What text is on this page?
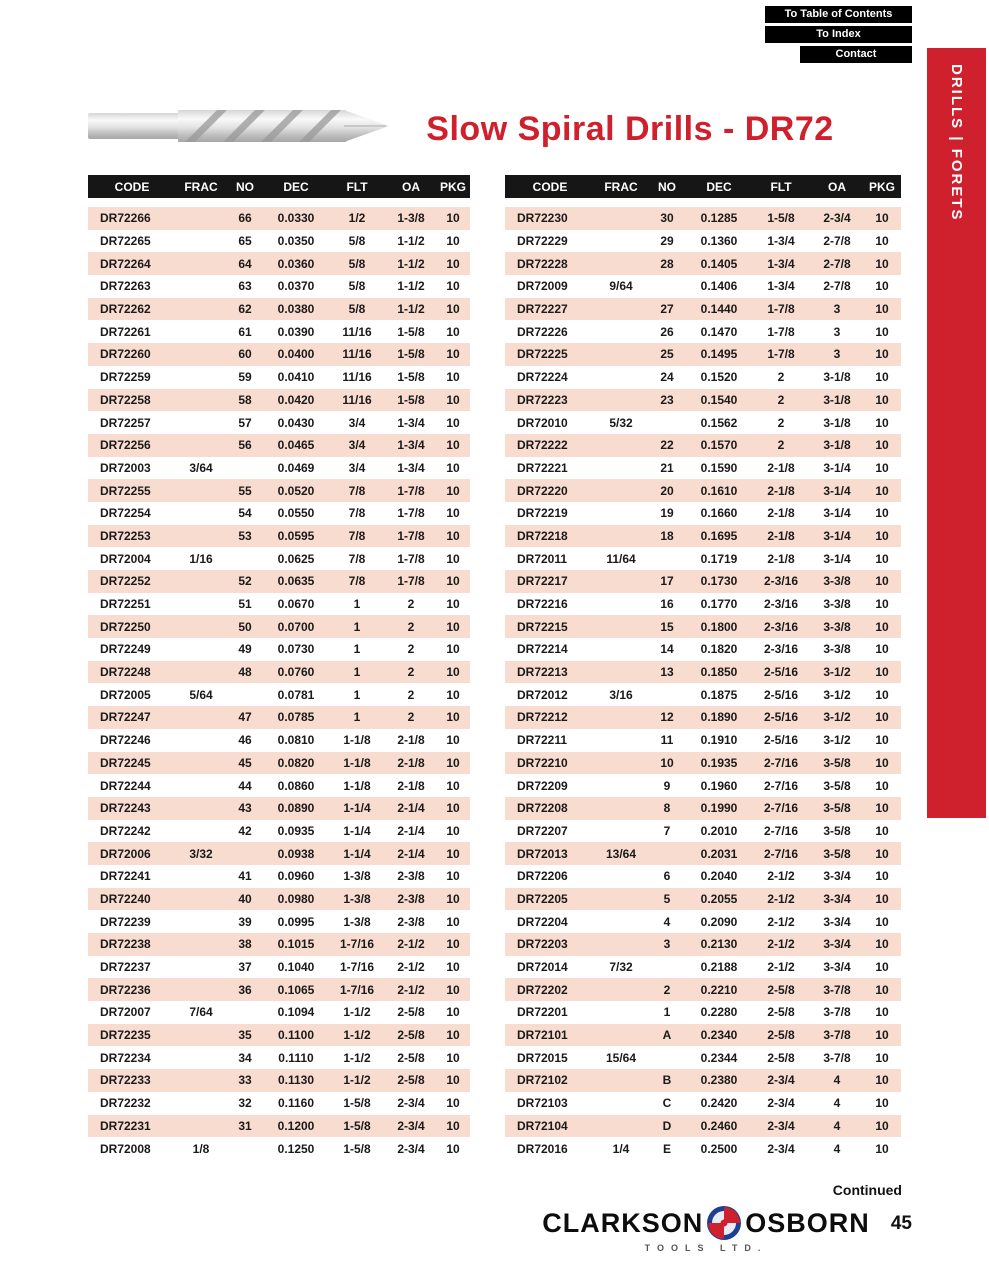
To Table of Contents
To Index
Contact
DRILLS | FORETS
Slow Spiral Drills - DR72
CODE	FRAC	NO	DEC	FLT	OA	PKG

DR72266		66	0.0330	1/2	1-3/8	10
DR72265		65	0.0350	5/8	1-1/2	10
DR72264		64	0.0360	5/8	1-1/2	10
DR72263		63	0.0370	5/8	1-1/2	10
DR72262		62	0.0380	5/8	1-1/2	10
DR72261		61	0.0390	11/16	1-5/8	10
DR72260		60	0.0400	11/16	1-5/8	10
DR72259		59	0.0410	11/16	1-5/8	10
DR72258		58	0.0420	11/16	1-5/8	10
DR72257		57	0.0430	3/4	1-3/4	10
DR72256		56	0.0465	3/4	1-3/4	10
DR72003	3/64		0.0469	3/4	1-3/4	10
DR72255		55	0.0520	7/8	1-7/8	10
DR72254		54	0.0550	7/8	1-7/8	10
DR72253		53	0.0595	7/8	1-7/8	10
DR72004	1/16		0.0625	7/8	1-7/8	10
DR72252		52	0.0635	7/8	1-7/8	10
DR72251		51	0.0670	1	2	10
DR72250		50	0.0700	1	2	10
DR72249		49	0.0730	1	2	10
DR72248		48	0.0760	1	2	10
DR72005	5/64		0.0781	1	2	10
DR72247		47	0.0785	1	2	10
DR72246		46	0.0810	1-1/8	2-1/8	10
DR72245		45	0.0820	1-1/8	2-1/8	10
DR72244		44	0.0860	1-1/8	2-1/8	10
DR72243		43	0.0890	1-1/4	2-1/4	10
DR72242		42	0.0935	1-1/4	2-1/4	10
DR72006	3/32		0.0938	1-1/4	2-1/4	10
DR72241		41	0.0960	1-3/8	2-3/8	10
DR72240		40	0.0980	1-3/8	2-3/8	10
DR72239		39	0.0995	1-3/8	2-3/8	10
DR72238		38	0.1015	1-7/16	2-1/2	10
DR72237		37	0.1040	1-7/16	2-1/2	10
DR72236		36	0.1065	1-7/16	2-1/2	10
DR72007	7/64		0.1094	1-1/2	2-5/8	10
DR72235		35	0.1100	1-1/2	2-5/8	10
DR72234		34	0.1110	1-1/2	2-5/8	10
DR72233		33	0.1130	1-1/2	2-5/8	10
DR72232		32	0.1160	1-5/8	2-3/4	10
DR72231		31	0.1200	1-5/8	2-3/4	10
DR72008	1/8		0.1250	1-5/8	2-3/4	10
CODE	FRAC	NO	DEC	FLT	OA	PKG

DR72230		30	0.1285	1-5/8	2-3/4	10
DR72229		29	0.1360	1-3/4	2-7/8	10
DR72228		28	0.1405	1-3/4	2-7/8	10
DR72009	9/64		0.1406	1-3/4	2-7/8	10
DR72227		27	0.1440	1-7/8	3	10
DR72226		26	0.1470	1-7/8	3	10
DR72225		25	0.1495	1-7/8	3	10
DR72224		24	0.1520	2	3-1/8	10
DR72223		23	0.1540	2	3-1/8	10
DR72010	5/32		0.1562	2	3-1/8	10
DR72222		22	0.1570	2	3-1/8	10
DR72221		21	0.1590	2-1/8	3-1/4	10
DR72220		20	0.1610	2-1/8	3-1/4	10
DR72219		19	0.1660	2-1/8	3-1/4	10
DR72218		18	0.1695	2-1/8	3-1/4	10
DR72011	11/64		0.1719	2-1/8	3-1/4	10
DR72217		17	0.1730	2-3/16	3-3/8	10
DR72216		16	0.1770	2-3/16	3-3/8	10
DR72215		15	0.1800	2-3/16	3-3/8	10
DR72214		14	0.1820	2-3/16	3-3/8	10
DR72213		13	0.1850	2-5/16	3-1/2	10
DR72012	3/16		0.1875	2-5/16	3-1/2	10
DR72212		12	0.1890	2-5/16	3-1/2	10
DR72211		11	0.1910	2-5/16	3-1/2	10
DR72210		10	0.1935	2-7/16	3-5/8	10
DR72209		9	0.1960	2-7/16	3-5/8	10
DR72208		8	0.1990	2-7/16	3-5/8	10
DR72207		7	0.2010	2-7/16	3-5/8	10
DR72013	13/64		0.2031	2-7/16	3-5/8	10
DR72206		6	0.2040	2-1/2	3-3/4	10
DR72205		5	0.2055	2-1/2	3-3/4	10
DR72204		4	0.2090	2-1/2	3-3/4	10
DR72203		3	0.2130	2-1/2	3-3/4	10
DR72014	7/32		0.2188	2-1/2	3-3/4	10
DR72202		2	0.2210	2-5/8	3-7/8	10
DR72201		1	0.2280	2-5/8	3-7/8	10
DR72101		A	0.2340	2-5/8	3-7/8	10
DR72015	15/64		0.2344	2-5/8	3-7/8	10
DR72102		B	0.2380	2-3/4	4	10
DR72103		C	0.2420	2-3/4	4	10
DR72104		D	0.2460	2-3/4	4	10
DR72016	1/4	E	0.2500	2-3/4	4	10
Continued
CLARKSON OSBORN
TOOLS LTD.
45
